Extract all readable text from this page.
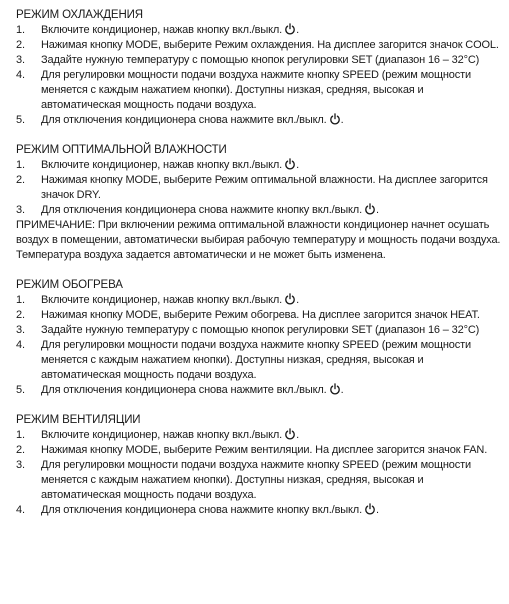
РЕЖИМ ОХЛАЖДЕНИЯ
1. Включите кондиционер, нажав кнопку вкл./выкл. .
2. Нажимая кнопку MODE, выберите Режим охлаждения. На дисплее загорится значок COOL.
3. Задайте нужную температуру с помощью кнопок регулировки SET (диапазон 16 – 32°C)
4. Для регулировки мощности подачи воздуха нажмите кнопку SPEED (режим мощности меняется с каждым нажатием кнопки). Доступны низкая, средняя, высокая и автоматическая мощность подачи воздуха.
5. Для отключения кондиционера снова нажмите вкл./выкл. .
РЕЖИМ ОПТИМАЛЬНОЙ ВЛАЖНОСТИ
1. Включите кондиционер, нажав кнопку вкл./выкл. .
2. Нажимая кнопку MODE, выберите Режим оптимальной влажности. На дисплее загорится значок DRY.
3. Для отключения кондиционера снова нажмите кнопку вкл./выкл. .

ПРИМЕЧАНИЕ: При включении режима оптимальной влажности кондиционер начнет осушать воздух в помещении, автоматически выбирая рабочую температуру и мощность подачи воздуха.

Температура воздуха задается автоматически и не может быть изменена.

РЕЖИМ ОБОГРЕВА
1. Включите кондиционер, нажав кнопку вкл./выкл. .
2. Нажимая кнопку MODE, выберите Режим обогрева. На дисплее загорится значок HEAT.
3. Задайте нужную температуру с помощью кнопок регулировки SET (диапазон 16 – 32°C)
4. Для регулировки мощности подачи воздуха нажмите кнопку SPEED (режим мощности меняется с каждым нажатием кнопки). Доступны низкая, средняя, высокая и автоматическая мощность подачи воздуха.
5. Для отключения кондиционера снова нажмите вкл./выкл. .
РЕЖИМ ВЕНТИЛЯЦИИ
1. Включите кондиционер, нажав кнопку вкл./выкл. .
2. Нажимая кнопку MODE, выберите Режим вентиляции. На дисплее загорится значок FAN.
3. Для регулировки мощности подачи воздуха нажмите кнопку SPEED (режим мощности меняется с каждым нажатием кнопки). Доступны низкая, средняя, высокая и автоматическая мощность подачи воздуха.
4. Для отключения кондиционера снова нажмите кнопку вкл./выкл. .
